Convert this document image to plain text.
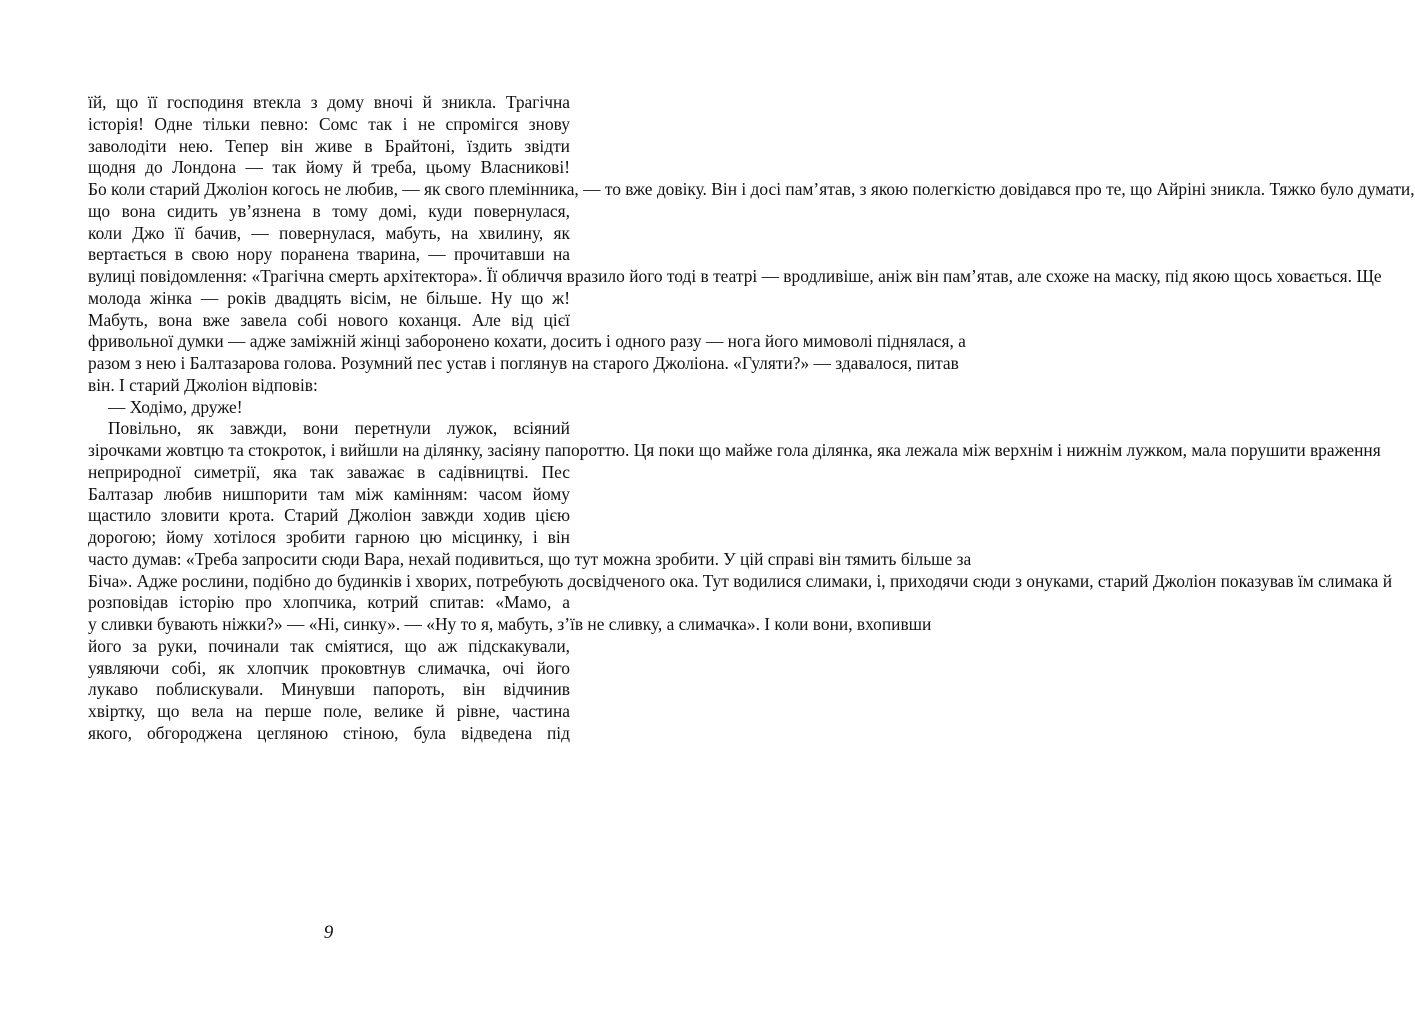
їй, що її господиня втекла з дому вночі й зникла. Трагічна
історія! Одне тільки певно: Сомс так і не спромігся знову
заволодіти нею. Тепер він живе в Брайтоні, їздить звідти
щодня до Лондона — так йому й треба, цьому Власникові!
Бо коли старий Джоліон когось не любив, — як свого племінника, — то вже довіку. Він і досі пам’ятав, з якою полегкістю довідався про те, що Айріні зникла. Тяжко було думати,
що вона сидить ув’язнена в тому домі, куди повернулася,
коли Джо її бачив, — повернулася, мабуть, на хвилину, як
вертається в свою нору поранена тварина, — прочитавши на
вулиці повідомлення: «Трагічна смерть архітектора». Її обличчя вразило його тоді в театрі — вродливіше, аніж він пам’ятав, але схоже на маску, під якою щось ховається. Ще
молода жінка — років двадцять вісім, не більше. Ну що ж!
Мабуть, вона вже завела собі нового коханця. Але від цієї
фривольної думки — адже заміжній жінці заборонено кохати, досить і одного разу — нога його мимоволі піднялася, а
разом з нею і Балтазарова голова. Розумний пес устав і поглянув на старого Джоліона. «Гуляти?» — здавалося, питав
він. І старий Джоліон відповів:
— Ходімо, друже!
Повільно, як завжди, вони перетнули лужок, всіяний
зірочками жовтцю та стокроток, і вийшли на ділянку, засіяну папороттю. Ця поки що майже гола ділянка, яка лежала між верхнім і нижнім лужком, мала порушити враження
неприродної симетрії, яка так заважає в садівництві. Пес
Балтазар любив нишпорити там між камінням: часом йому
щастило зловити крота. Старий Джоліон завжди ходив цією
дорогою; йому хотілося зробити гарною цю місцинку, і він
часто думав: «Треба запросити сюди Вара, нехай подивиться, що тут можна зробити. У цій справі він тямить більше за
Біча». Адже рослини, подібно до будинків і хворих, потребують досвідченого ока. Тут водилися слимаки, і, приходячи сюди з онуками, старий Джоліон показував їм слимака й
розповідав історію про хлопчика, котрий спитав: «Мамо, а
у сливки бувають ніжки?» — «Ні, синку». — «Ну то я, мабуть, з’їв не сливку, а слимачка». І коли вони, вхопивши
його за руки, починали так сміятися, що аж підскакували,
уявляючи собі, як хлопчик проковтнув слимачка, очі його
лукаво поблискували. Минувши папороть, він відчинив
хвіртку, що вела на перше поле, велике й рівне, частина
якого, обгороджена цегляною стіною, була відведена під
9
